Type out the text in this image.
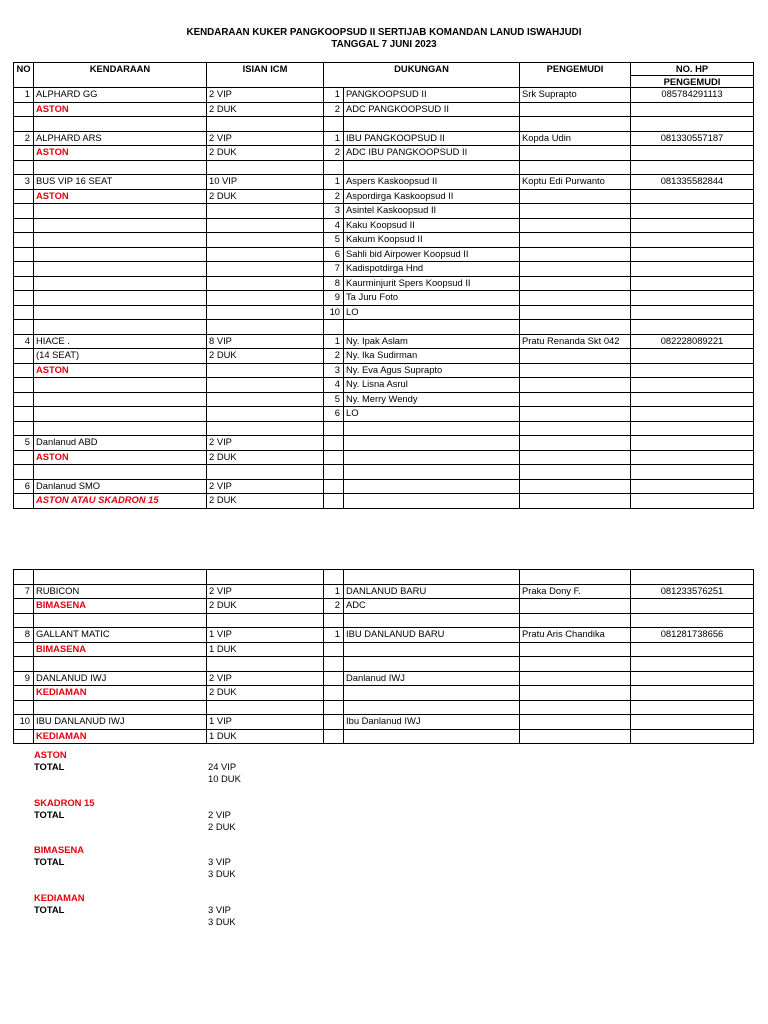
KENDARAAN KUKER PANGKOOPSUD II SERTIJAB KOMANDAN LANUD ISWAHJUDI
TANGGAL 7 JUNI 2023
NO	KENDARAAN	ISIAN ICM	DUKUNGAN		PENGEMUDI	NO. HP
						PENGEMUDI
1	ALPHARD GG	2 VIP	1	PANGKOOPSUD II	Srk Suprapto	085784291113
	ASTON	2 DUK	2	ADC PANGKOOPSUD II		

2	ALPHARD ARS	2 VIP	1	IBU PANGKOOPSUD II	Kopda Udin	081330557187
	ASTON	2 DUK	2	ADC IBU PANGKOOPSUD II		

3	BUS VIP 16 SEAT	10 VIP	1	Aspers Kaskoopsud II	Koptu Edi Purwanto	081335582844
	ASTON	2 DUK	2	Aspordirga Kaskoopsud II		
			3	Asintel Kaskoopsud II		
			4	Kaku Koopsud II		
			5	Kakum Koopsud II		
			6	Sahli bid Airpower Koopsud II		
			7	Kadispotdirga Hnd		
			8	Kaurminjurit Spers Koopsud II		
			9	Ta Juru Foto		
			10	LO		

4	HIACE .	8 VIP	1	Ny. Ipak Aslam	Pratu Renanda Skt 042	082228089221
	(14 SEAT)	2 DUK	2	Ny. Ika Sudirman		
	ASTON		3	Ny. Eva Agus Suprapto		
			4	Ny. Lisna Asrul		
			5	Ny. Merry Wendy		
			6	LO		

5	Danlanud ABD	2 VIP				
	ASTON	2 DUK				

6	Danlanud SMO	2 VIP				
	ASTON ATAU SKADRON 15	2 DUK				

7	RUBICON	2 VIP	1	DANLANUD BARU	Praka Dony F.	081233576251
	BIMASENA	2 DUK	2	ADC		

8	GALLANT MATIC	1 VIP	1	IBU DANLANUD BARU	Pratu Aris Chandika	081281738656
	BIMASENA	1 DUK				

9	DANLANUD IWJ	2 VIP		Danlanud IWJ		
	KEDIAMAN	2 DUK				

10	IBU DANLANUD IWJ	1 VIP		Ibu Danlanud IWJ		
	KEDIAMAN	1 DUK				
ASTON
TOTAL	24 VIP
10 DUK
SKADRON 15
TOTAL	2 VIP
2 DUK
BIMASENA
TOTAL	3 VIP
3 DUK
KEDIAMAN
TOTAL	3 VIP
3 DUK
